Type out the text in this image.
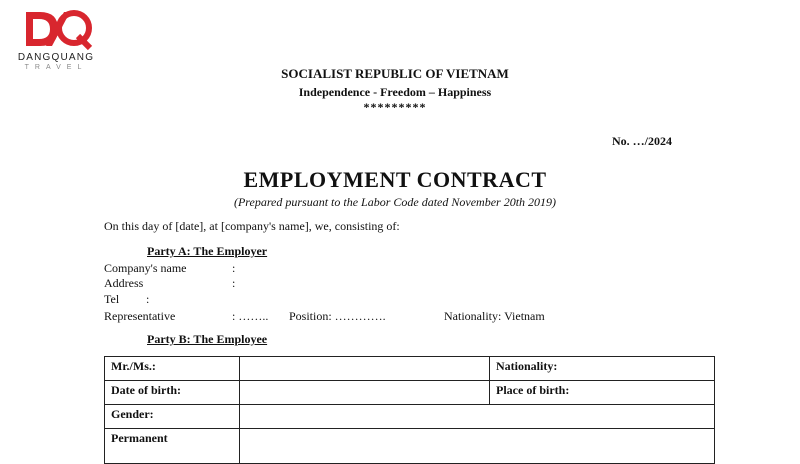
DANGQUANG
TRAVEL	SOCIALIST REPUBLIC OF VIETNAM
Independence - Freedom – Happiness
*********
No. …/2024
EMPLOYMENT CONTRACT
(Prepared pursuant to the Labor Code dated November 20th 2019)
On this day of [date], at [company's name], we, consisting of:
Party A: The Employer
Company's name	:
Address	:
Tel :
Representative	: …….. Position: ………….	Nationality: Vietnam
Party B: The Employee
Mr./Ms.:		Nationality:
Date of birth:		Place of birth:
Gender:		
Permanent		
